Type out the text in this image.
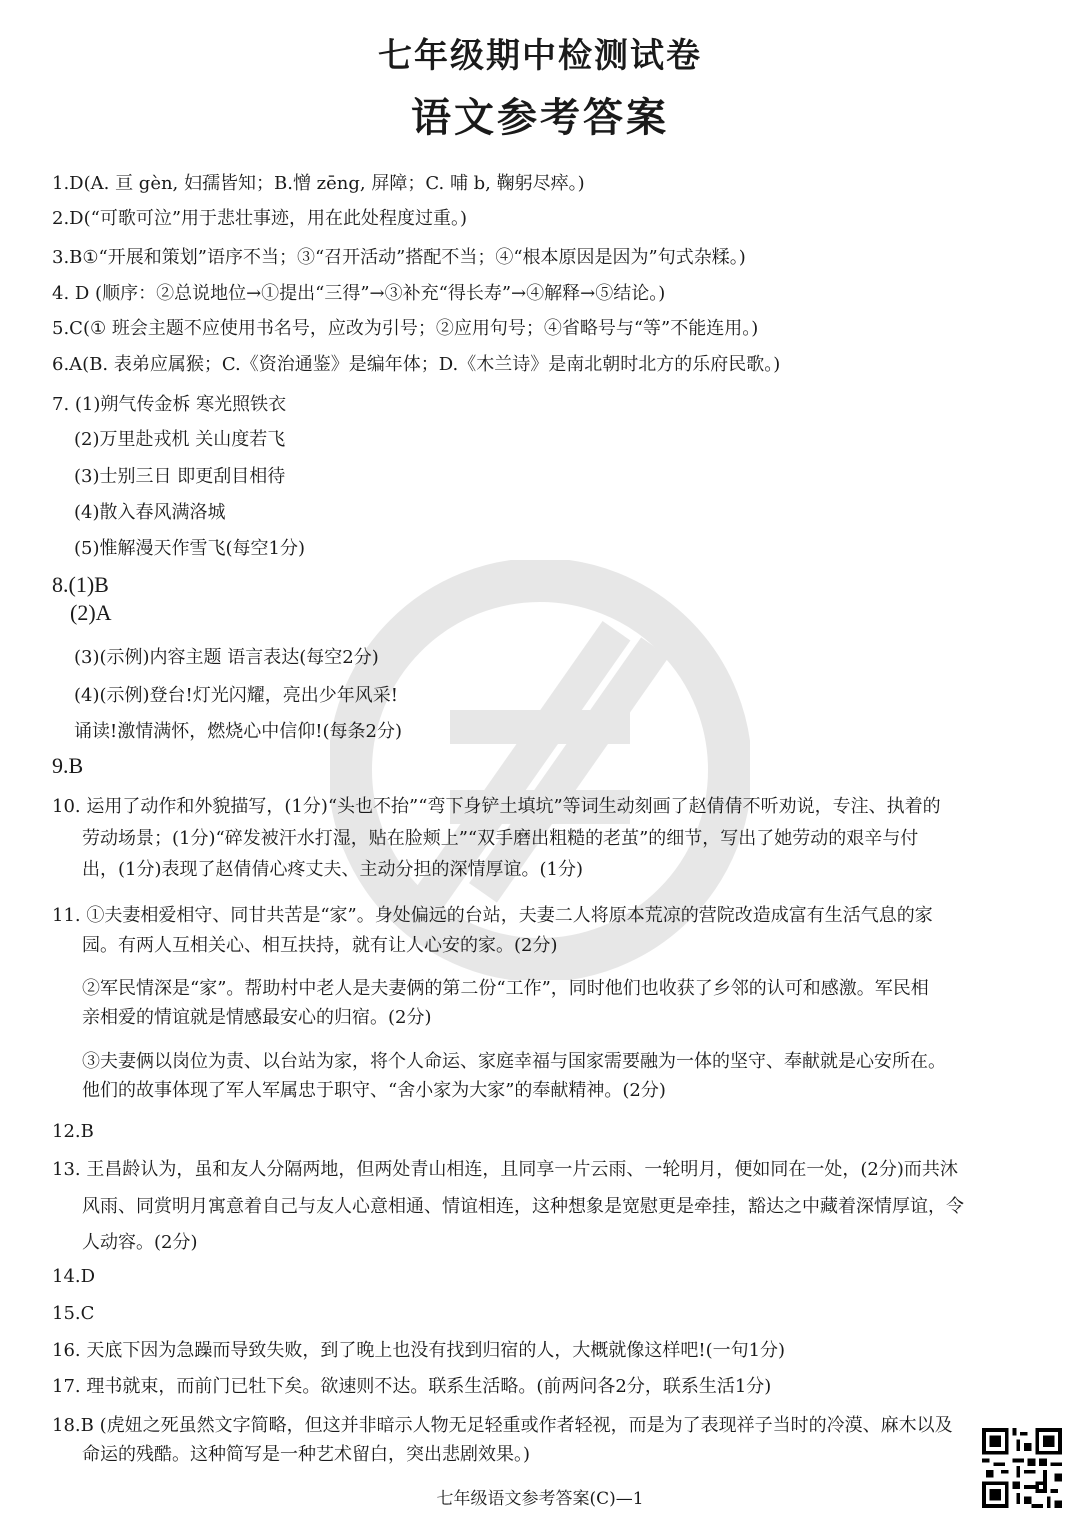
七年级期中检测试卷
语文参考答案
1.D(A. 亘 gèn, 妇孺皆知；B.憎 zēng, 屏障；C. 哺 b, 鞠躬尽瘁。)
2.D(“可歌可泣”用于悲壮事迹，用在此处程度过重。)
3.B①“开展和策划”语序不当；③“召开活动”搭配不当；④“根本原因是因为”句式杂糅。)
4. D (顺序：②总说地位→①提出“三得”→③补充“得长寿”→④解释→⑤结论。)
5.C(① 班会主题不应使用书名号，应改为引号；②应用句号；④省略号与“等”不能连用。)
6.A(B. 表弟应属猴；C.《资治通鉴》是编年体；D.《木兰诗》是南北朝时北方的乐府民歌。)
7. (1)朔气传金柝 寒光照铁衣
(2)万里赴戎机 关山度若飞
(3)士别三日 即更刮目相待
(4)散入春风满洛城
(5)惟解漫天作雪飞(每空1分)
8.(1)B
(2)A
(3)(示例)内容主题 语言表达(每空2分)
(4)(示例)登台!灯光闪耀，亮出少年风采!
诵读!激情满怀，燃烧心中信仰!(每条2分)
9.B
10. 运用了动作和外貌描写，(1分)“头也不抬”“弯下身铲土填坑”等词生动刻画了赵倩倩不听劝说，专注、执着的
劳动场景；(1分)“碎发被汗水打湿，贴在脸颊上”“双手磨出粗糙的老茧”的细节，写出了她劳动的艰辛与付
出，(1分)表现了赵倩倩心疼丈夫、主动分担的深情厚谊。(1分)
11. ①夫妻相爱相守、同甘共苦是“家”。身处偏远的台站，夫妻二人将原本荒凉的营院改造成富有生活气息的家
园。有两人互相关心、相互扶持，就有让人心安的家。(2分)
②军民情深是“家”。帮助村中老人是夫妻俩的第二份“工作”，同时他们也收获了乡邻的认可和感激。军民相
亲相爱的情谊就是情感最安心的归宿。(2分)
③夫妻俩以岗位为责、以台站为家，将个人命运、家庭幸福与国家需要融为一体的坚守、奉献就是心安所在。
他们的故事体现了军人军属忠于职守、“舍小家为大家”的奉献精神。(2分)
12.B
13. 王昌龄认为，虽和友人分隔两地，但两处青山相连，且同享一片云雨、一轮明月，便如同在一处，(2分)而共沐
风雨、同赏明月寓意着自己与友人心意相通、情谊相连，这种想象是宽慰更是牵挂，豁达之中藏着深情厚谊，令
人动容。(2分)
14.D
15.C
16. 天底下因为急躁而导致失败，到了晚上也没有找到归宿的人，大概就像这样吧!(一句1分)
17. 理书就束，而前门已牡下矣。欲速则不达。联系生活略。(前两问各2分，联系生活1分)
18.B (虎妞之死虽然文字简略，但这并非暗示人物无足轻重或作者轻视，而是为了表现祥子当时的冷漠、麻木以及
命运的残酷。这种简写是一种艺术留白，突出悲剧效果。)
七年级语文参考答案(C)—1
